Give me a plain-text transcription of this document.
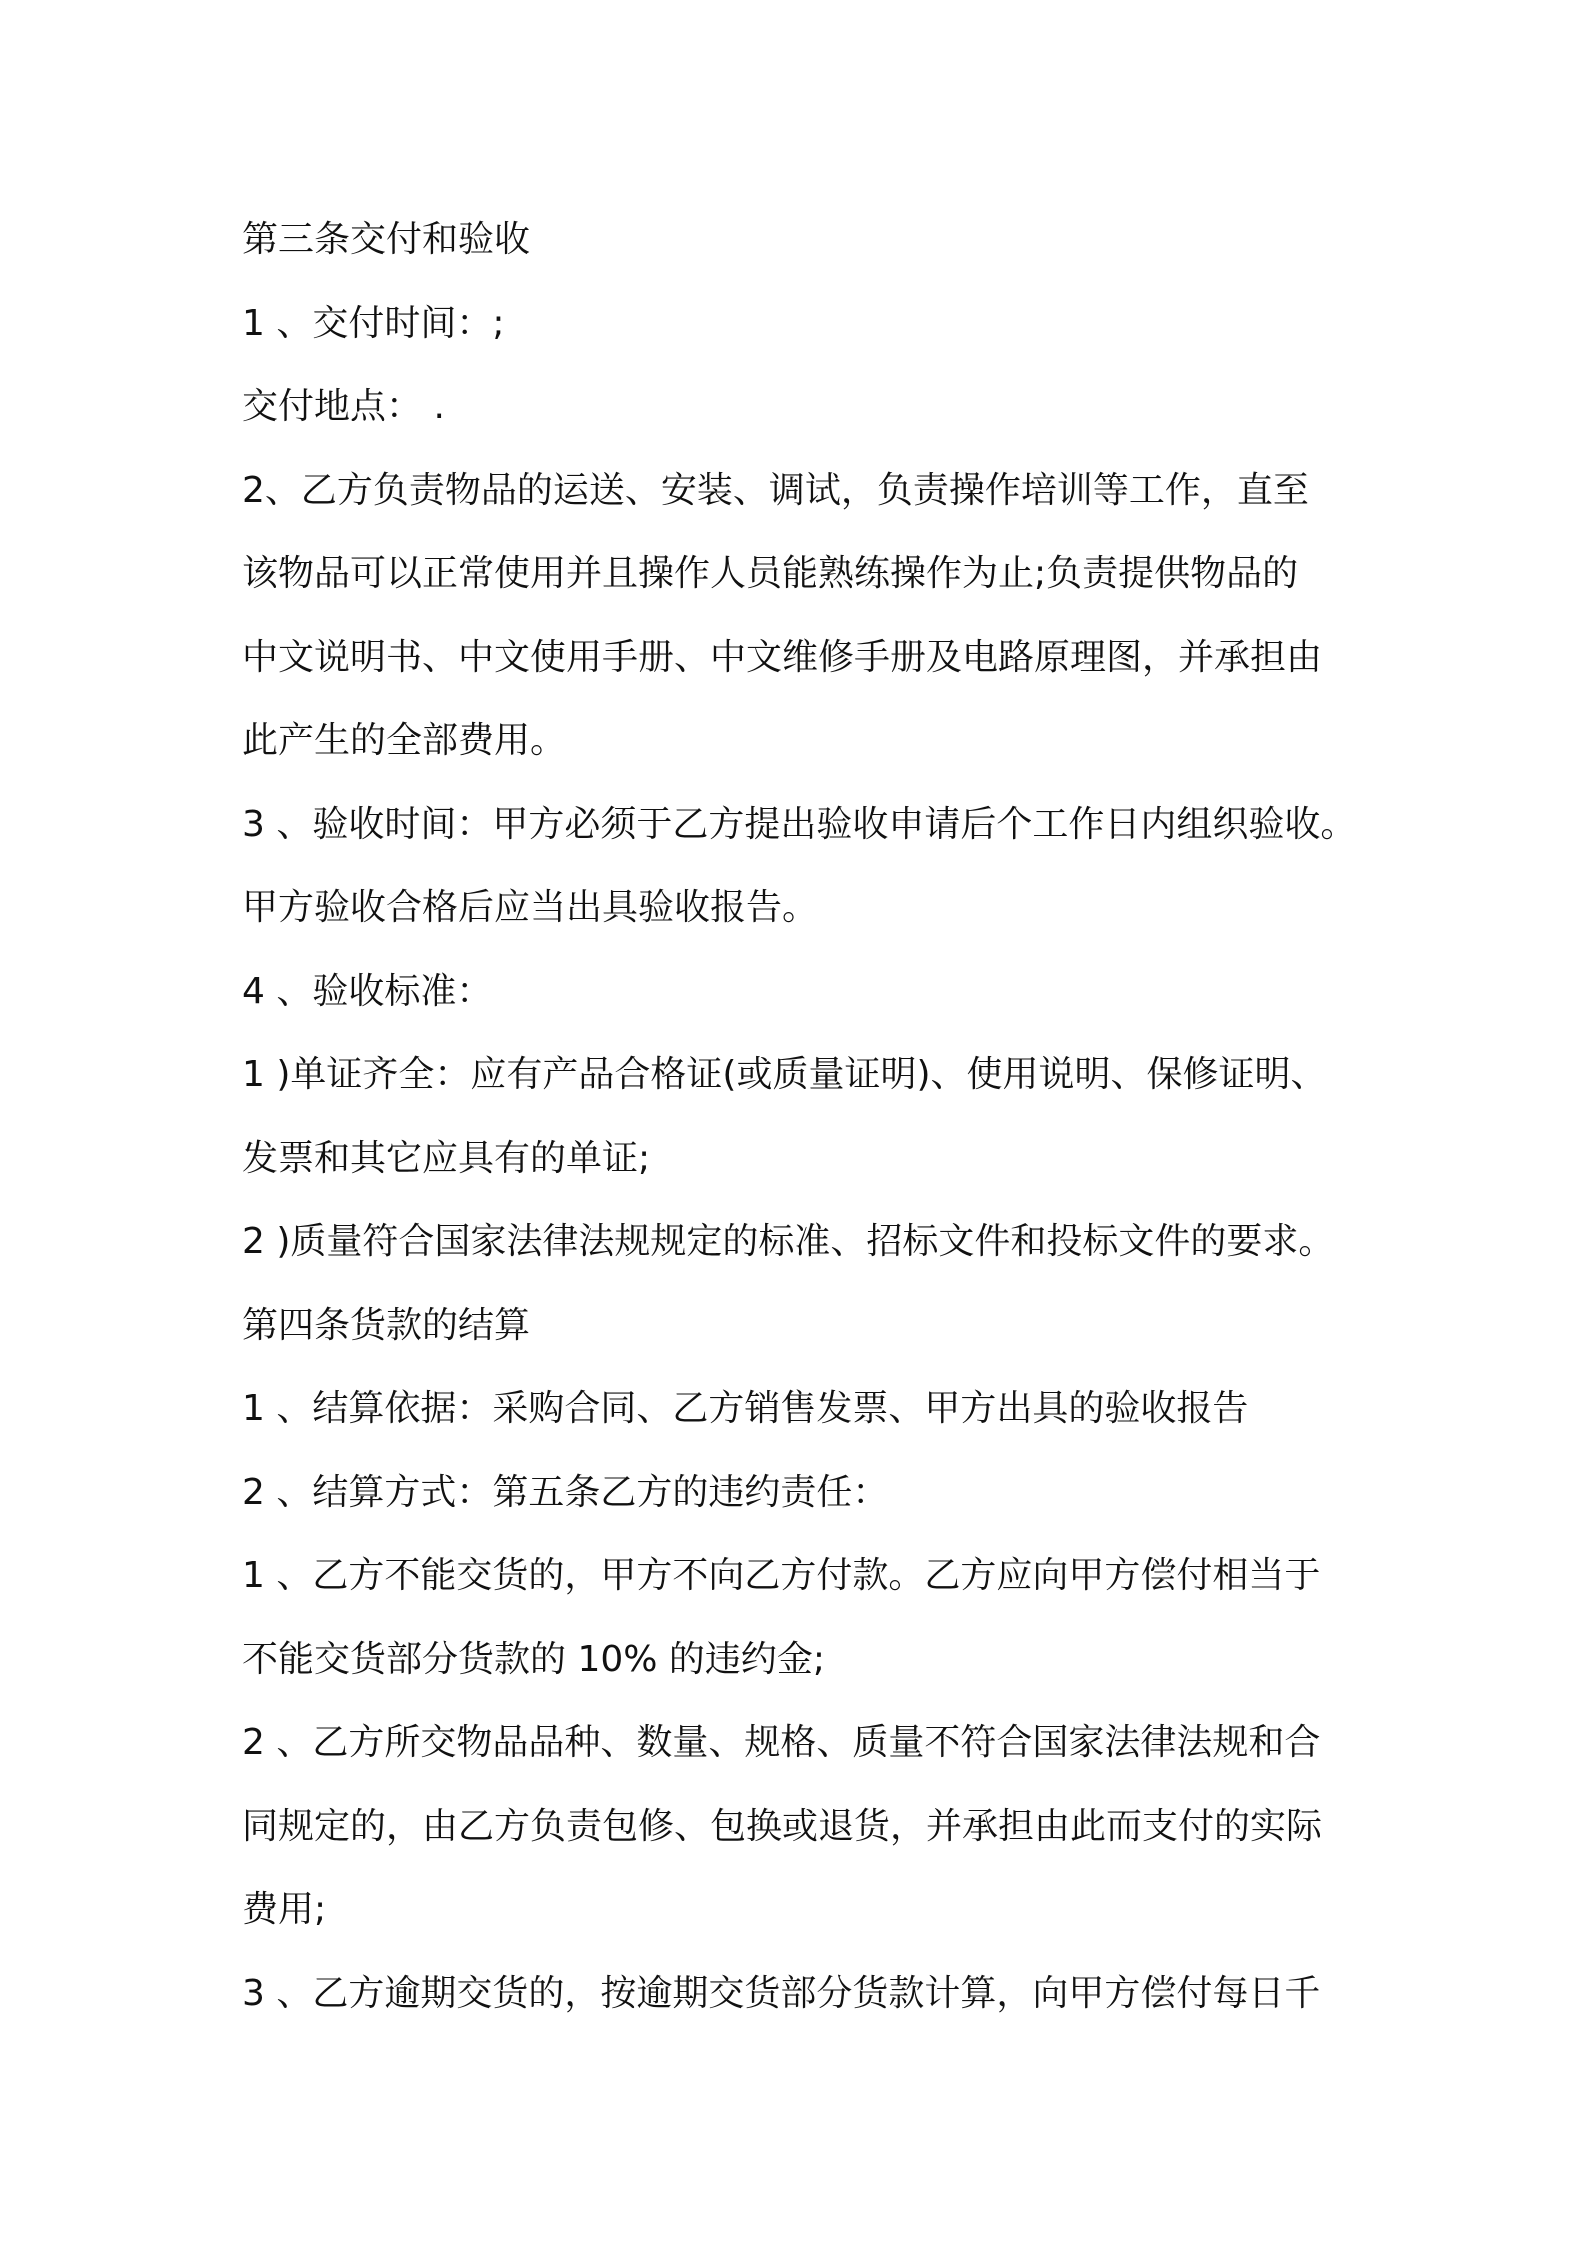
第三条交付和验收
1 、交付时间：;
交付地点： .
2、乙方负责物品的运送、安装、调试，负责操作培训等工作，直至
该物品可以正常使用并且操作人员能熟练操作为止;负责提供物品的
中文说明书、中文使用手册、中文维修手册及电路原理图，并承担由
此产生的全部费用。
3 、验收时间：甲方必须于乙方提出验收申请后个工作日内组织验收。
甲方验收合格后应当出具验收报告。
4 、验收标准：
1 )单证齐全：应有产品合格证(或质量证明)、使用说明、保修证明、
发票和其它应具有的单证;
2 )质量符合国家法律法规规定的标准、招标文件和投标文件的要求。
第四条货款的结算
1 、结算依据：采购合同、乙方销售发票、甲方出具的验收报告
2 、结算方式：第五条乙方的违约责任：
1 、乙方不能交货的，甲方不向乙方付款。乙方应向甲方偿付相当于
不能交货部分货款的 10% 的违约金;
2 、乙方所交物品品种、数量、规格、质量不符合国家法律法规和合
同规定的，由乙方负责包修、包换或退货，并承担由此而支付的实际
费用;
3 、乙方逾期交货的，按逾期交货部分货款计算，向甲方偿付每日千
